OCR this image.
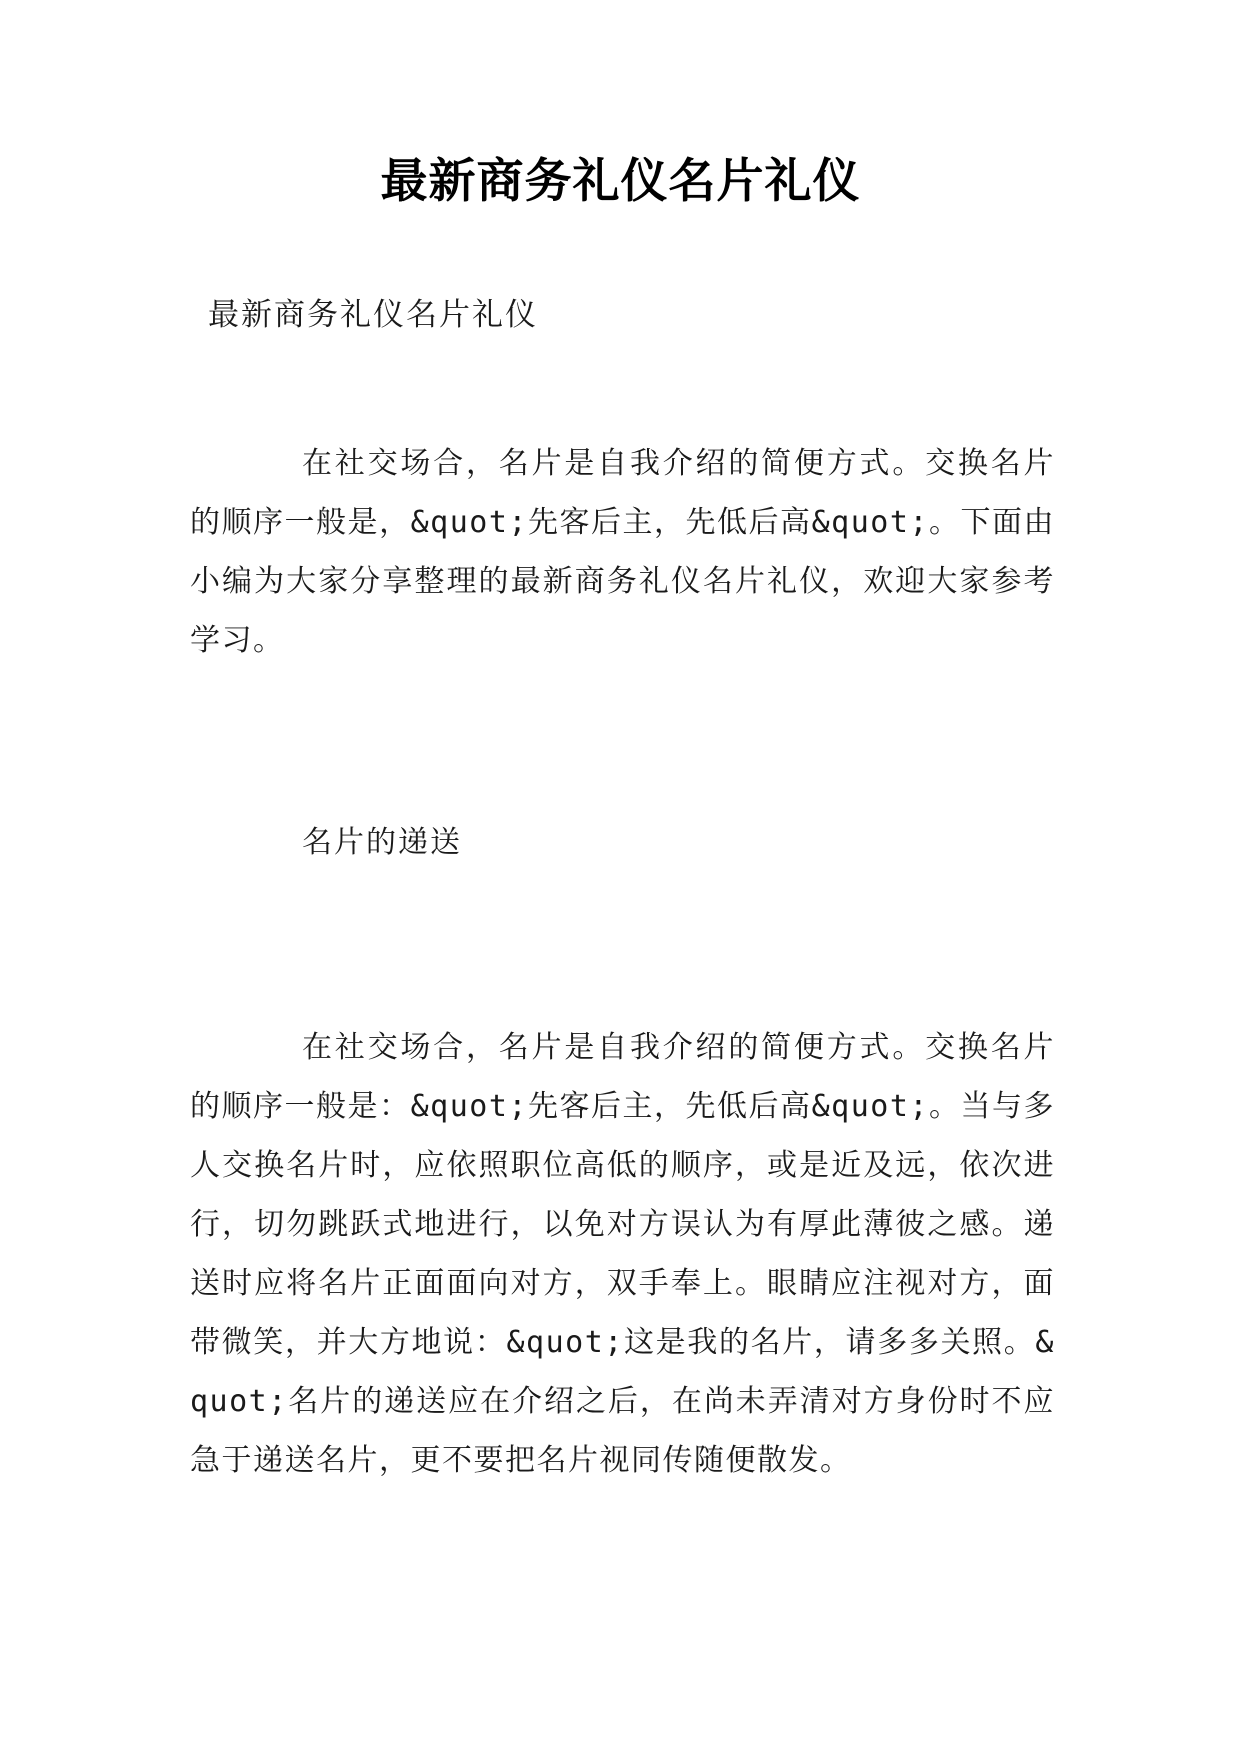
最新商务礼仪名片礼仪
最新商务礼仪名片礼仪

在社交场合，名片是自我介绍的简便方式。交换名片的顺序一般是，&quot;先客后主，先低后高&quot;。下面由小编为大家分享整理的最新商务礼仪名片礼仪，欢迎大家参考学习。

名片的递送

在社交场合，名片是自我介绍的简便方式。交换名片的顺序一般是：&quot;先客后主，先低后高&quot;。当与多人交换名片时，应依照职位高低的顺序，或是近及远，依次进行，切勿跳跃式地进行，以免对方误认为有厚此薄彼之感。递送时应将名片正面面向对方，双手奉上。眼睛应注视对方，面带微笑，并大方地说：&quot;这是我的名片，请多多关照。&quot;名片的递送应在介绍之后，在尚未弄清对方身份时不应急于递送名片，更不要把名片视同传随便散发。
